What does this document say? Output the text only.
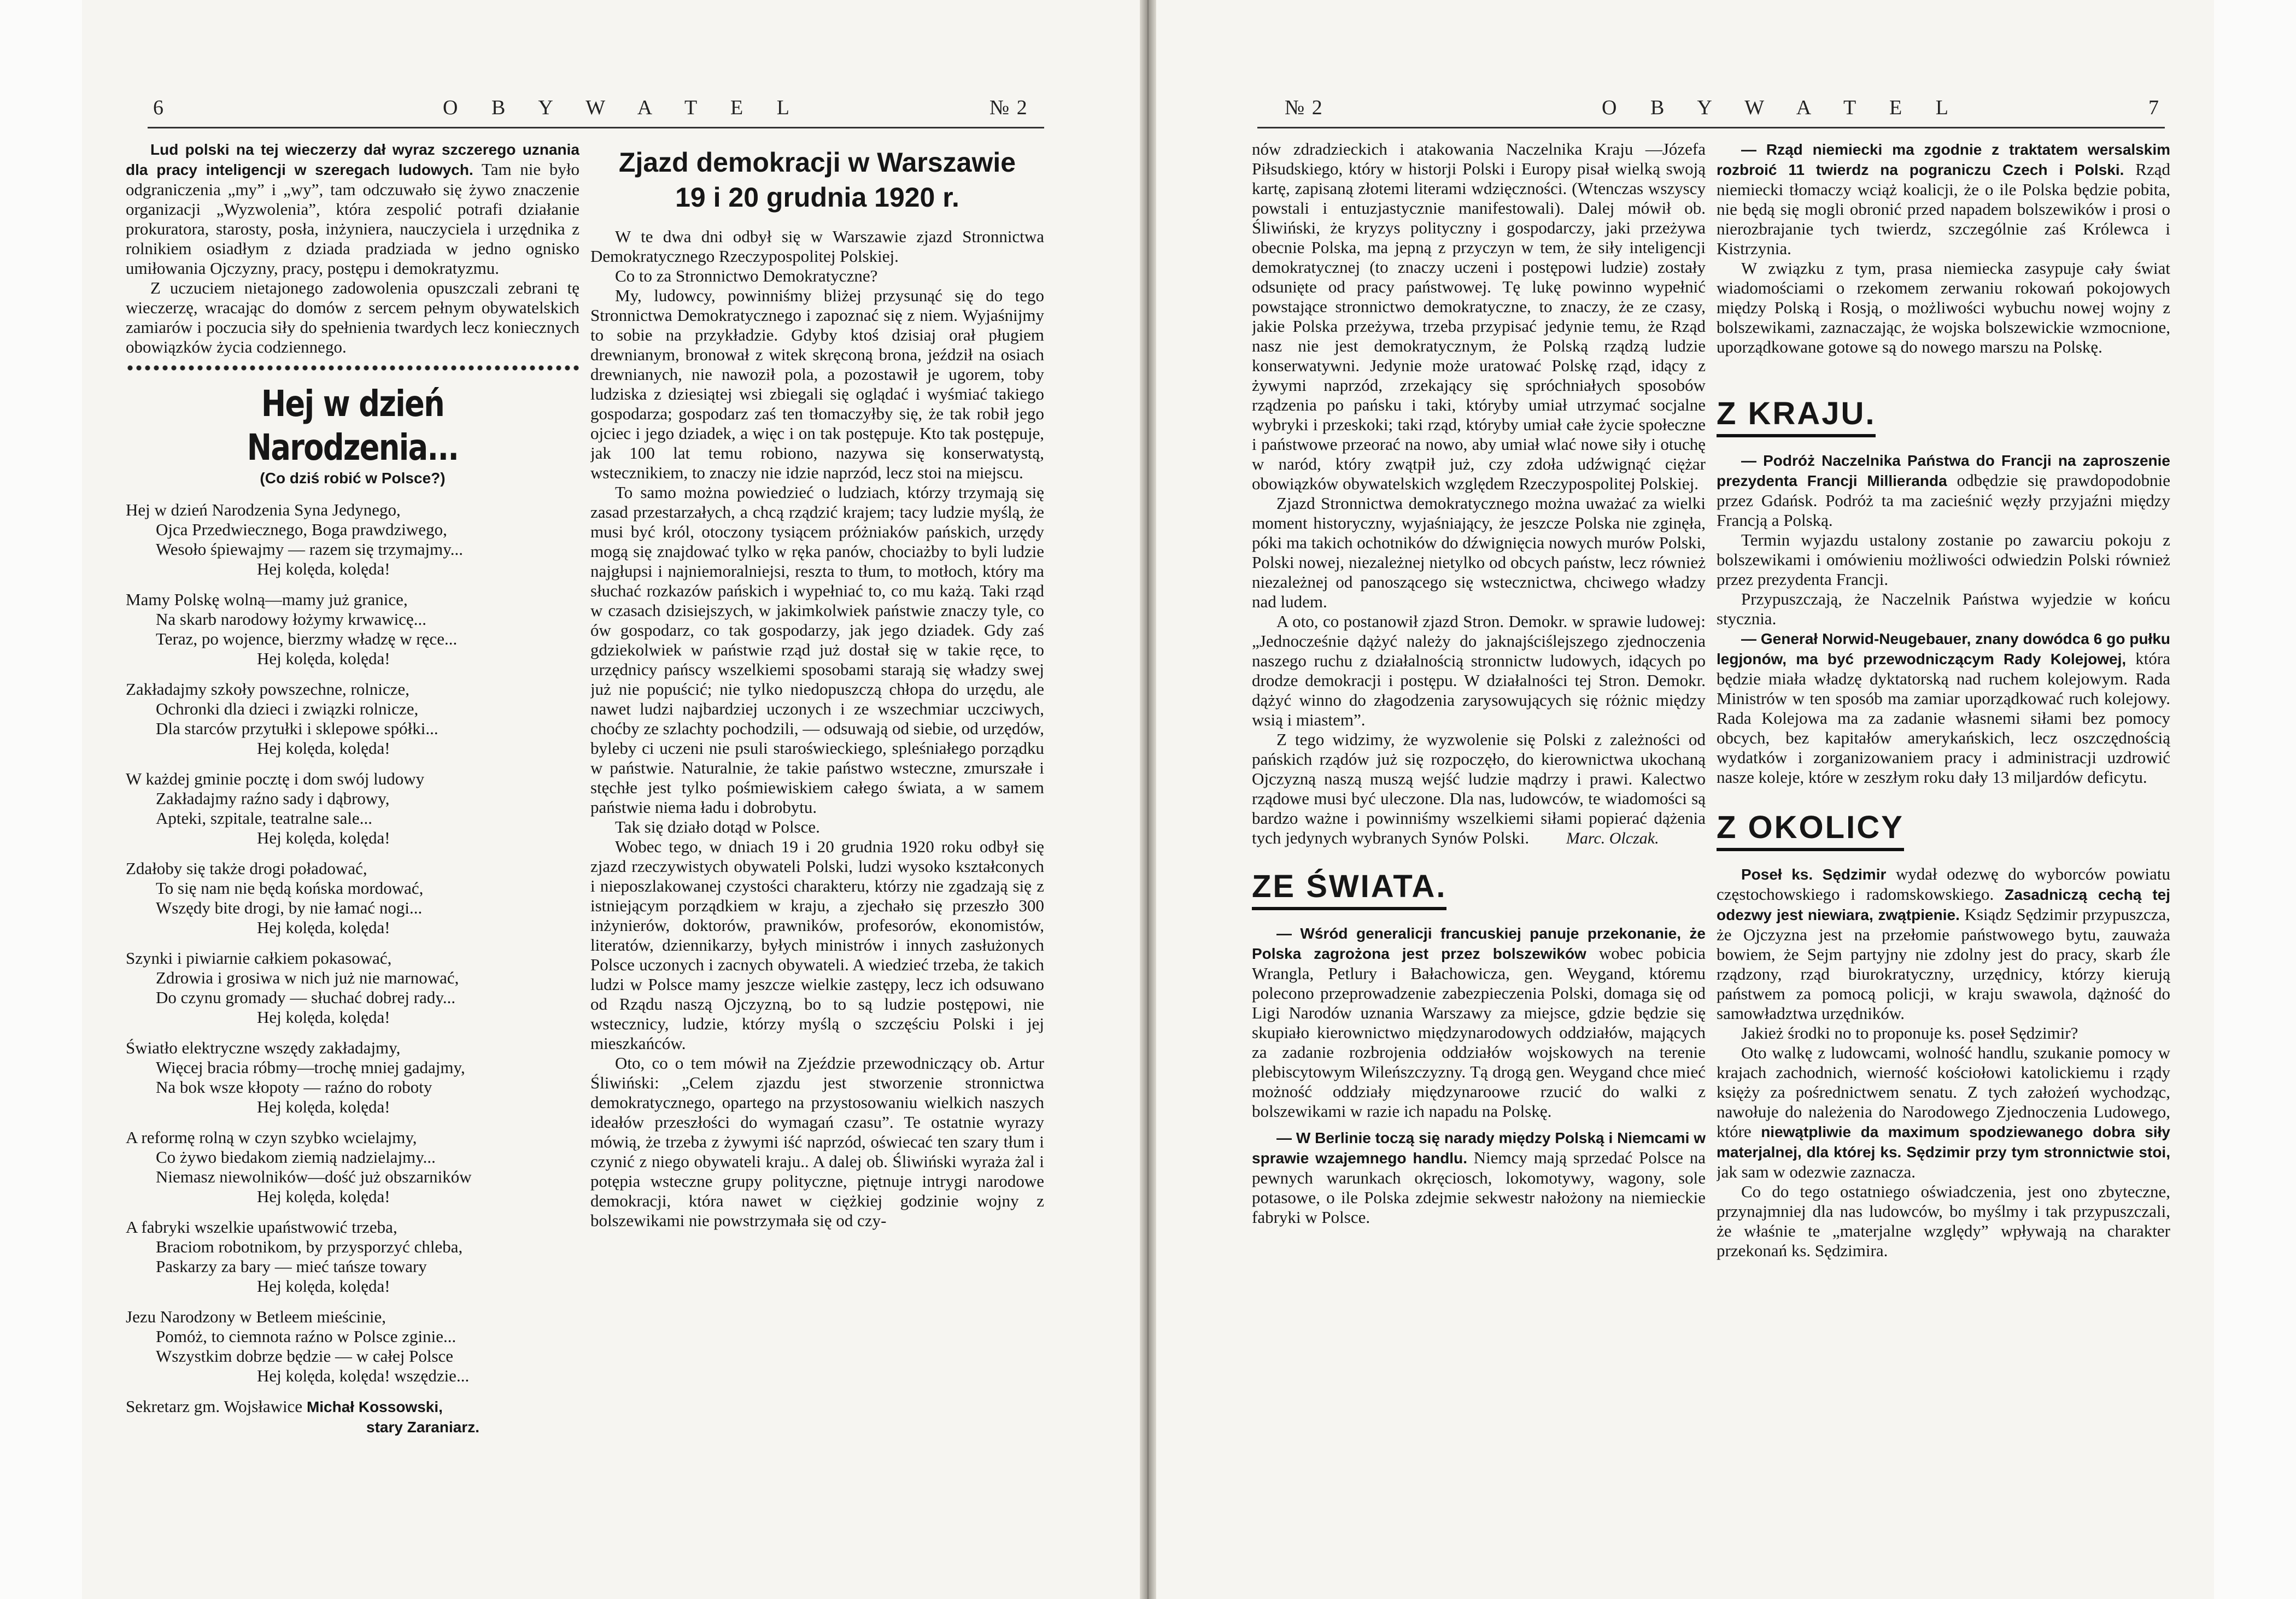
6	O B Y W A T E L	№ 2

Lud polski na tej wieczerzy dał wyraz szczerego uznania dla pracy inteligencji w szeregach ludowych. Tam nie było odgraniczenia „my” i „wy”, tam odczuwało się żywo znaczenie organizacji „Wyzwolenia”, która zespolić potrafi działanie prokuratora, starosty, posła, inżyniera, nauczyciela i urzędnika z rolnikiem osiadłym z dziada pradziada w jedno ognisko umiłowania Ojczyzny, pracy, postępu i demokratyzmu.

Z uczuciem nietajonego zadowolenia opuszczali zebrani tę wieczerzę, wracając do domów z sercem pełnym obywatelskich zamiarów i poczucia siły do spełnienia twardych lecz koniecznych obowiązków życia codziennego.

Hej w dzień Narodzenia...

(Co dziś robić w Polsce?)

Hej w dzień Narodzenia Syna Jedynego,

Ojca Przedwiecznego, Boga prawdziwego,

Wesoło śpiewajmy — razem się trzymajmy...

Hej kolęda, kolęda!

Mamy Polskę wolną—mamy już granice,

Na skarb narodowy łożymy krwawicę...

Teraz, po wojence, bierzmy władzę w ręce...

Hej kolęda, kolęda!

Zakładajmy szkoły powszechne, rolnicze,

Ochronki dla dzieci i związki rolnicze,

Dla starców przytułki i sklepowe spółki...

Hej kolęda, kolęda!

W każdej gminie pocztę i dom swój ludowy

Zakładajmy raźno sady i dąbrowy,

Apteki, szpitale, teatralne sale...

Hej kolęda, kolęda!

Zdałoby się także drogi poładować,

To się nam nie będą końska mordować,

Wszędy bite drogi, by nie łamać nogi...

Hej kolęda, kolęda!

Szynki i piwiarnie całkiem pokasować,

Zdrowia i grosiwa w nich już nie marnować,

Do czynu gromady — słuchać dobrej rady...

Hej kolęda, kolęda!

Światło elektryczne wszędy zakładajmy,

Więcej bracia róbmy—trochę mniej gadajmy,

Na bok wsze kłopoty — raźno do roboty

Hej kolęda, kolęda!

A reformę rolną w czyn szybko wcielajmy,

Co żywo biedakom ziemią nadzielajmy...

Niemasz niewolników—dość już obszarników

Hej kolęda, kolęda!

A fabryki wszelkie upaństwowić trzeba,

Braciom robotnikom, by przysporzyć chleba,

Paskarzy za bary — mieć tańsze towary

Hej kolęda, kolęda!

Jezu Narodzony w Betleem mieścinie,

Pomóż, to ciemnota raźno w Polsce zginie...

Wszystkim dobrze będzie — w całej Polsce

Hej kolęda, kolęda! wszędzie...

Sekretarz gm. Wojsławice Michał Kossowski,

stary Zaraniarz.

Zjazd demokracji w Warszawie
19 i 20 grudnia 1920 r.

W te dwa dni odbył się w Warszawie zjazd Stronnictwa Demokratycznego Rzeczypospolitej Polskiej.

Co to za Stronnictwo Demokratyczne?

My, ludowcy, powinniśmy bliżej przysunąć się do tego Stronnictwa Demokratycznego i zapoznać się z niem. Wyjaśnijmy to sobie na przykładzie. Gdyby ktoś dzisiaj orał pługiem drewnianym, bronował z witek skręconą brona, jeździł na osiach drewnianych, nie nawoził pola, a pozostawił je ugorem, toby ludziska z dziesiątej wsi zbiegali się oglądać i wyśmiać takiego gospodarza; gospodarz zaś ten tłomaczyłby się, że tak robił jego ojciec i jego dziadek, a więc i on tak postępuje. Kto tak postępuje, jak 100 lat temu robiono, nazywa się konserwatystą, wstecznikiem, to znaczy nie idzie naprzód, lecz stoi na miejscu.

To samo można powiedzieć o ludziach, którzy trzymają się zasad przestarzałych, a chcą rządzić krajem; tacy ludzie myślą, że musi być król, otoczony tysiącem próżniaków pańskich, urzędy mogą się znajdować tylko w ręka panów, chociażby to byli ludzie najgłupsi i najniemoralniejsi, reszta to tłum, to motłoch, który ma słuchać rozkazów pańskich i wypełniać to, co mu każą. Taki rząd w czasach dzisiejszych, w jakimkolwiek państwie znaczy tyle, co ów gospodarz, co tak gospodarzy, jak jego dziadek. Gdy zaś gdziekolwiek w państwie rząd już dostał się w takie ręce, to urzędnicy pańscy wszelkiemi sposobami starają się władzy swej już nie popuścić; nie tylko niedopuszczą chłopa do urzędu, ale nawet ludzi najbardziej uczonych i ze wszechmiar uczciwych, choćby ze szlachty pochodzili, — odsuwają od siebie, od urzędów, byleby ci uczeni nie psuli staroświeckiego, spleśniałego porządku w państwie. Naturalnie, że takie państwo wsteczne, zmurszałe i stęchłe jest tylko pośmiewiskiem całego świata, a w samem państwie niema ładu i dobrobytu.

Tak się działo dotąd w Polsce.

Wobec tego, w dniach 19 i 20 grudnia 1920 roku odbył się zjazd rzeczywistych obywateli Polski, ludzi wysoko kształconych i nieposzlakowanej czystości charakteru, którzy nie zgadzają się z istniejącym porządkiem w kraju, a zjechało się przeszło 300 inżynierów, doktorów, prawników, profesorów, ekonomistów, literatów, dziennikarzy, byłych ministrów i innych zasłużonych Polsce uczonych i zacnych obywateli. A wiedzieć trzeba, że takich ludzi w Polsce mamy jeszcze wielkie zastępy, lecz ich odsuwano od Rządu naszą Ojczyzną, bo to są ludzie postępowi, nie wstecznicy, ludzie, którzy myślą o szczęściu Polski i jej mieszkańców.

Oto, co o tem mówił na Zjeździe przewodniczący ob. Artur Śliwiński: „Celem zjazdu jest stworzenie stronnictwa demokratycznego, opartego na przystosowaniu wielkich naszych ideałów przeszłości do wymagań czasu”. Te ostatnie wyrazy mówią, że trzeba z żywymi iść naprzód, oświecać ten szary tłum i czynić z niego obywateli kraju.. A dalej ob. Śliwiński wyraża żal i potępia wsteczne grupy polityczne, piętnuje intrygi narodowe demokracji, która nawet w ciężkiej godzinie wojny z bolszewikami nie powstrzymała się od czy-

№ 2	O B Y W A T E L	7

nów zdradzieckich i atakowania Naczelnika Kraju —Józefa Piłsudskiego, który w historji Polski i Europy pisał wielką swoją kartę, zapisaną złotemi literami wdzięczności. (Wtenczas wszyscy powstali i entuzjastycznie manifestowali). Dalej mówił ob. Śliwiński, że kryzys polityczny i gospodarczy, jaki przeżywa obecnie Polska, ma jepną z przyczyn w tem, że siły inteligencji demokratycznej (to znaczy uczeni i postępowi ludzie) zostały odsunięte od pracy państwowej. Tę lukę powinno wypełnić powstające stronnictwo demokratyczne, to znaczy, że ze czasy, jakie Polska przeżywa, trzeba przypisać jedynie temu, że Rząd nasz nie jest demokratycznym, że Polską rządzą ludzie konserwatywni. Jedynie może uratować Polskę rząd, idący z żywymi naprzód, zrzekający się spróchniałych sposobów rządzenia po pańsku i taki, któryby umiał utrzymać socjalne wybryki i przeskoki; taki rząd, któryby umiał całe życie społeczne i państwowe przeorać na nowo, aby umiał wlać nowe siły i otuchę w naród, który zwątpił już, czy zdoła udźwignąć ciężar obowiązków obywatelskich względem Rzeczypospolitej Polskiej.

Zjazd Stronnictwa demokratycznego można uważać za wielki moment historyczny, wyjaśniający, że jeszcze Polska nie zginęła, póki ma takich ochotników do dźwignięcia nowych murów Polski, Polski nowej, niezależnej nietylko od obcych państw, lecz również niezależnej od panoszącego się wstecznictwa, chciwego władzy nad ludem.

A oto, co postanowił zjazd Stron. Demokr. w sprawie ludowej: „Jednocześnie dążyć należy do jaknajściślejszego zjednoczenia naszego ruchu z działalnością stronnictw ludowych, idących po drodze demokracji i postępu. W działalności tej Stron. Demokr. dążyć winno do złagodzenia zarysowujących się różnic między wsią i miastem”.

Z tego widzimy, że wyzwolenie się Polski z zależności od pańskich rządów już się rozpoczęło, do kierownictwa ukochaną Ojczyzną naszą muszą wejść ludzie mądrzy i prawi. Kalectwo rządowe musi być uleczone. Dla nas, ludowców, te wiadomości są bardzo ważne i powinniśmy wszelkiemi siłami popierać dążenia tych jedynych wybranych Synów Polski. Marc. Olczak.

ZE ŚWIATA.

— Wśród generalicji francuskiej panuje przekonanie, że Polska zagrożona jest przez bolszewików wobec pobicia Wrangla, Petlury i Bałachowicza, gen. Weygand, któremu polecono przeprowadzenie zabezpieczenia Polski, domaga się od Ligi Narodów uznania Warszawy za miejsce, gdzie będzie się skupiało kierownictwo międzynarodowych oddziałów, mających za zadanie rozbrojenia oddziałów wojskowych na terenie plebiscytowym Wileńszczyzny. Tą drogą gen. Weygand chce mieć możność oddziały międzynaroowe rzucić do walki z bolszewikami w razie ich napadu na Polskę.

— W Berlinie toczą się narady między Polską i Niemcami w sprawie wzajemnego handlu. Niemcy mają sprzedać Polsce na pewnych warunkach okręciosch, lokomotywy, wagony, sole potasowe, o ile Polska zdejmie sekwestr nałożony na niemieckie fabryki w Polsce.

— Rząd niemiecki ma zgodnie z traktatem wersalskim rozbroić 11 twierdz na pograniczu Czech i Polski. Rząd niemiecki tłomaczy wciąż koalicji, że o ile Polska będzie pobita, nie będą się mogli obronić przed napadem bolszewików i prosi o nierozbrajanie tych twierdz, szczególnie zaś Królewca i Kistrzynia.

W związku z tym, prasa niemiecka zasypuje cały świat wiadomościami o rzekomem zerwaniu rokowań pokojowych między Polską i Rosją, o możliwości wybuchu nowej wojny z bolszewikami, zaznaczając, że wojska bolszewickie wzmocnione, uporządkowane gotowe są do nowego marszu na Polskę.

Z KRAJU.

— Podróż Naczelnika Państwa do Francji na zaproszenie prezydenta Francji Millieranda odbędzie się prawdopodobnie przez Gdańsk. Podróż ta ma zacieśnić węzły przyjaźni między Francją a Polską.

Termin wyjazdu ustalony zostanie po zawarciu pokoju z bolszewikami i omówieniu możliwości odwiedzin Polski również przez prezydenta Francji.

Przypuszczają, że Naczelnik Państwa wyjedzie w końcu stycznia.

— Generał Norwid-Neugebauer, znany dowódca 6 go pułku legjonów, ma być przewodniczącym Rady Kolejowej, która będzie miała władzę dyktatorską nad ruchem kolejowym. Rada Ministrów w ten sposób ma zamiar uporządkować ruch kolejowy. Rada Kolejowa ma za zadanie własnemi siłami bez pomocy obcych, bez kapitałów amerykańskich, lecz oszczędnością wydatków i zorganizowaniem pracy i administracji uzdrowić nasze koleje, które w zeszłym roku dały 13 miljardów deficytu.

Z OKOLICY

Poseł ks. Sędzimir wydał odezwę do wyborców powiatu częstochowskiego i radomskowskiego. Zasadniczą cechą tej odezwy jest niewiara, zwątpienie. Ksiądz Sędzimir przypuszcza, że Ojczyzna jest na przełomie państwowego bytu, zauważa bowiem, że Sejm partyjny nie zdolny jest do pracy, skarb źle rządzony, rząd biurokratyczny, urzędnicy, którzy kierują państwem za pomocą policji, w kraju swawola, dążność do samowładztwa urzędników.

Jakież środki no to proponuje ks. poseł Sędzimir?

Oto walkę z ludowcami, wolność handlu, szukanie pomocy w krajach zachodnich, wierność kościołowi katolickiemu i rządy księży za pośrednictwem senatu. Z tych założeń wychodząc, nawołuje do należenia do Narodowego Zjednoczenia Ludowego, które niewątpliwie da maximum spodziewanego dobra siły materjalnej, dla której ks. Sędzimir przy tym stronnictwie stoi, jak sam w odezwie zaznacza.

Co do tego ostatniego oświadczenia, jest ono zbyteczne, przynajmniej dla nas ludowców, bo myślmy i tak przypuszczali, że właśnie te „materjalne względy” wpływają na charakter przekonań ks. Sędzimira.
